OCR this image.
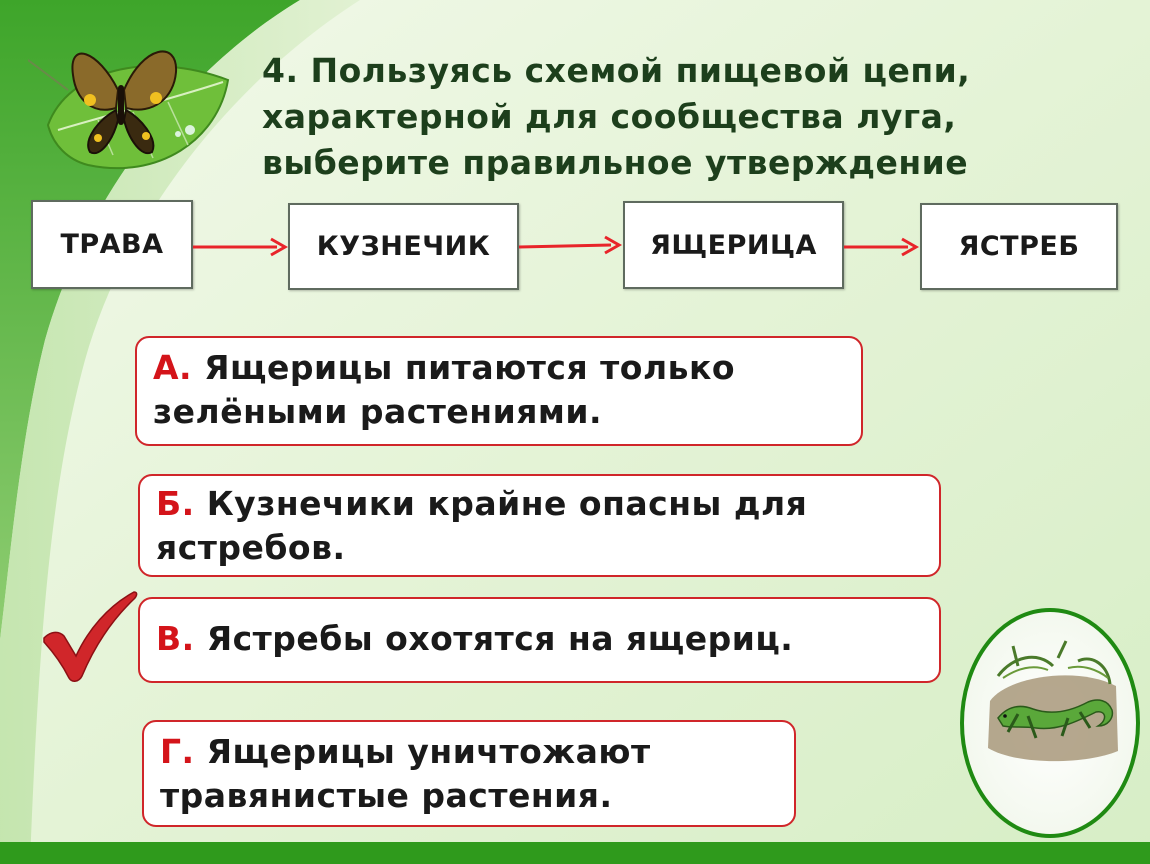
4. Пользуясь схемой пищевой цепи,
характерной для сообщества луга,
выберите правильное утверждение
ТРАВА	КУЗНЕЧИК	ЯЩЕРИЦА	ЯСТРЕБ
А. Ящерицы питаются только
зелёными растениями.
Б. Кузнечики крайне опасны для
ястребов.
В. Ястребы охотятся на ящериц.
Г. Ящерицы уничтожают
травянистые растения.
